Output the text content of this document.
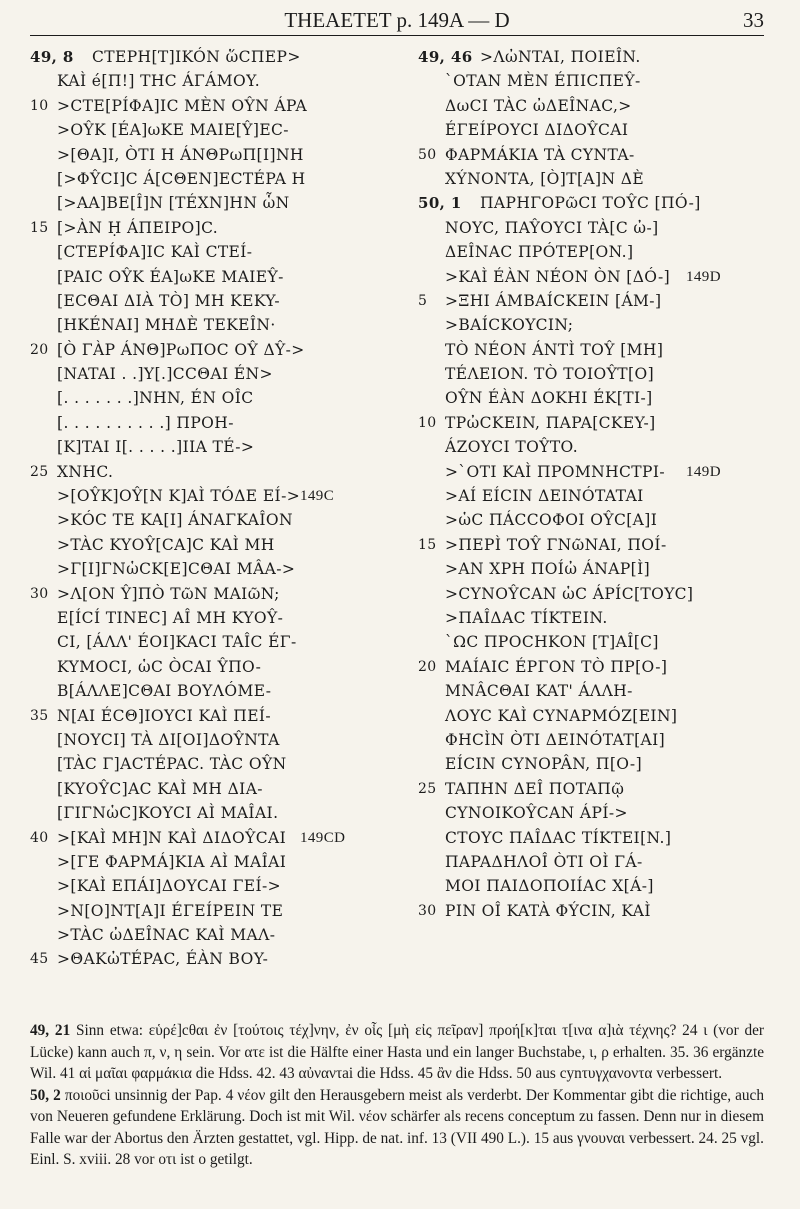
THEAETET p. 149A — D	33
49, 8	CTEPH[T]IKÓN ὥCΠEP>
KAÌ é[Π!] THC ÁΓÁMOY.
10 >CTE[PÍΦA]IC MÈN OŶN ÁPA
>OŶK [ÉA]ωKE MAIE[Ŷ]EC-
>[ΘA]I, ÒTI H ÁNΘPωΠ[I]NH
[>ΦŶCI]C Á[CΘEN]ECTÉPA H
[>AA]BE[Î]N [TÉXN]HN ὧN
15 [>ÀN Ḥ ÁΠEIPO]C.
[CTEPÍΦA]IC KAÌ CTEÍ-
[PAIC OŶK ÉA]ωKE MAIEŶ-
[ECΘAI ΔIÀ TÒ] MH KEKY-
[HKÉNAI] MHΔÈ TEKEÎN·
20 [Ò ΓÀP ÁNΘ]PωΠOC OŶ ΔŶ->
[NATAI . .]Y[.]CCΘAI ÉN>
[. . . . . . .]NHN, ÉN OÎC
[. . . . . . . . . .] ΠPOH-
[K]TAI I[. . . . .]IIA TÉ->
25 XNHC.
>[OŶK]OŶ[N K]AÌ TÓΔE EÍ-> 149C
>KÓC TE KA[I] ÁNAΓKAÎON
>TÀC KYOŶ[CA]C KAÌ MH
>Γ[I]ΓNὡCK[E]CΘAI MÂA->
30 >Λ[ON Ŷ]ΠÒ TῶN MAIῶN;
Ε[ÍCÍ TINEC] AÎ MH KYOŶ-
CI, [ÁΛΛ' ÉOI]KACI TAÎC ÉΓ-
KYMOCI, ὡC ÒCAI ŶΠO-
B[ÁΛΛE]CΘAI BOYΛÓME-
35 N[AI ÉCΘ]IOYCI KAÌ ΠEÍ-
[NOYCI] TÀ ΔI[OI]ΔOŶNTA
[TÀC Γ]ACTÉPAC. TÀC OŶN
[KYOŶC]AC KAÌ MH ΔIA-
[ΓIΓNὡC]KOYCI AÌ MAÎAI.
40 >[KAÌ MH]N KAÌ ΔIΔOŶCAI 149CD
>[ΓE ΦAPMÁ]KIA AÌ MAÎAI
>[KAÌ EΠÁI]ΔOYCAI ΓEÍ->
>N[O]NT[A]I ÉΓEÍPEIN TE
>TÀC ὠΔEÎNAC KAÌ MAΛ-
45 >ΘAKὠTÉPAC, ÉÀN BOY-
49, 46 >ΛὠNTAI, ΠOIEÎN.
ˋOTAN MÈN ÉΠICΠEŶ-
ΔωCI TÀC ὠΔEÎNAC,>
ÉΓEÍPOYCI ΔIΔOŶCAI
50 ΦAPMÁKIA TÀ CYNTA-
XÝNONTA, [Ò]T[A]N ΔÈ
50, 1	ΠAPHΓOPῶCI TOŶC [ΠÓ-]
NOYC, ΠAŶOYCI TÀ[C ὠ-]
ΔEÎNAC ΠPÓTEP[ON.]
>KAÌ ÉÀN NÉON ÒN [ΔÓ-] 149D
5	>ΞHI ÁMBAÍCKEIN [ÁM-]
>BAÍCKOYCIN;
TÒ NÉON ÁNTÌ TOŶ [MH]
TÉΛEION. TÒ TOIOŶT[O]
OŶN ÉÀN ΔOKHI ÉK[TI-]
10 TPὠCKEIN, ΠAPA[CKEY-]
ÁZOYCI TOŶTO.
>ˋOTI KAÌ ΠPOMNHCTPI- 149D
>AÍ EÍCIN ΔEINÓTATAI
>ὡC ΠÁCCOΦOI OŶC[A]I
15 >ΠEPÌ TOŶ ΓNῶNAI, ΠOÍ-
>AN XPH ΠOÍὠ ÁNAP[Ì]
>CYNOŶCAN ὡC ÁPÍC[TOYC]
>ΠAÎΔAC TÍKTEIN.
ˋΩC ΠPOCHKON [T]AÎ[C]
20 MAÍAIC ÉPΓON TÒ ΠP[O-]
MNÂCΘAI KAT' ÁΛΛH-
ΛOYC KAÌ CYNAPMÓZ[EIN]
ΦHCÌN ÒTI ΔEINÓTAT[AI]
EÍCIN CYNOPÂN, Π[O-]
25 TAΠHN ΔEÎ ΠOTAΠῷ
CYNOIKOŶCAN ÁPÍ->
CTOYC ΠAÎΔAC TÍKTEI[N.]
ΠAPAΔHΛOÎ ÒTI OÌ ΓÁ-
MOI ΠAIΔOΠOIÍAC X[Á-]
30 PIN OÎ KATÀ ΦÝCIN, KAÌ

49, 21 Sinn etwa: εὑρέ]cθαι ἐν [τούτοις τέχ]νην, ἐν οἷς [μὴ εἰς πεῖραν] προή[κ]ται τ[ινα α]ιὰ τέχνης? 24 ι (vor der Lücke) kann auch π, ν, η sein. Vor ατε ist die Hälfte einer Hasta und ein langer Buchstabe, ι, ρ erhalten. 35. 36 ergänzte Wil. 41 αἱ μαῖαι φαρμάκια die Hdss. 42. 43 αὐναντai die Hdss. 45 ἂν die Hdss. 50 aus cynτυγχανοντα verbessert.

50, 2 ποιοῦci unsinnig der Pap. 4 νέον gilt den Herausgebern meist als verderbt. Der Kommentar gibt die richtige, auch von Neueren gefundene Erklärung. Doch ist mit Wil. νέον schärfer als recens conceptum zu fassen. Denn nur in diesem Falle war der Abortus den Ärzten gestattet, vgl. Hipp. de nat. inf. 13 (VII 490 L.). 15 aus γνουναι verbessert. 24. 25 vgl. Einl. S. xviii. 28 vor οτι ist ο getilgt.
